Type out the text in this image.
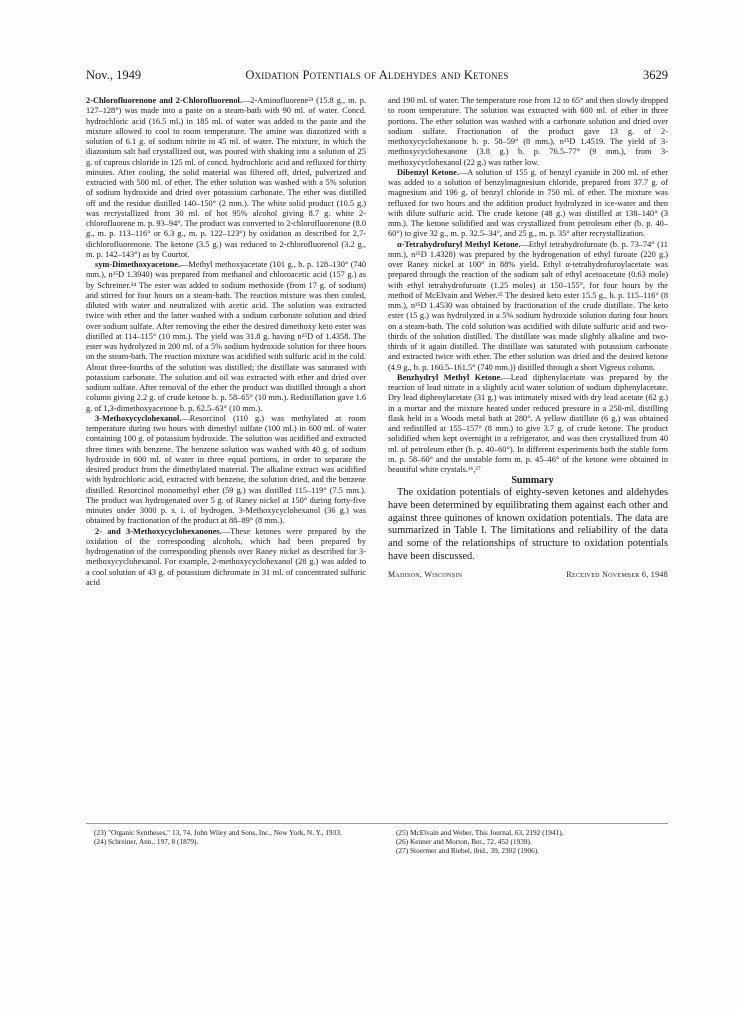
Nov., 1949	Oxidation Potentials of Aldehydes and Ketones	3629

2-Chlorofluorenone and 2-Chlorofluorenol.—2-Aminofluorene²³ (15.8 g., m. p. 127–128°) was made into a paste on a steam-bath with 90 ml. of water. Concd. hydrochloric acid (16.5 ml.) in 185 ml. of water was added to the paste and the mixture allowed to cool to room temperature. The amine was diazotized with a solution of 6.1 g. of sodium nitrite in 45 ml. of water. The mixture, in which the diazonium salt had crystallized out, was poured with shaking into a solution of 25 g. of cuprous chloride in 125 ml. of concd. hydrochloric acid and refluxed for thirty minutes. After cooling, the solid material was filtered off, dried, pulverized and extracted with 500 ml. of ether. The ether solution was washed with a 5% solution of sodium hydroxide and dried over potassium carbonate. The ether was distilled off and the residue distilled 140–150° (2 mm.). The white solid product (10.5 g.) was recrystallized from 30 ml. of hot 95% alcohol giving 8.7 g. white 2-chlorofluorene m. p. 93–94°. The product was converted to 2-chlorofluorenone (8.0 g., m. p. 113–116° or 6.3 g., m. p. 122–123°) by oxidation as described for 2,7-dichlorofluorenone. The ketone (3.5 g.) was reduced to 2-chlorofluorenol (3.2 g., m. p. 142–143°) as by Courtot.

sym-Dimethoxyacetone.—Methyl methoxyacetate (101 g., b. p. 128–130° (740 mm.), n²⁵D 1.3940) was prepared from methanol and chloroacetic acid (157 g.) as by Schreiner.²⁴ The ester was added to sodium methoxide (from 17 g. of sodium) and stirred for four hours on a steam-bath. The reaction mixture was then cooled, diluted with water and neutralized with acetic acid. The solution was extracted twice with ether and the latter washed with a sodium carbonate solution and dried over sodium sulfate. After removing the ether the desired dimethoxy keto ester was distilled at 114–115° (10 mm.). The yield was 31.8 g. having n²⁵D of 1.4358. The ester was hydrolyzed in 200 ml. of a 5% sodium hydroxide solution for three hours on the steam-bath. The reaction mixture was acidified with sulfuric acid in the cold. About three-fourths of the solution was distilled; the distillate was saturated with potassium carbonate. The solution and oil was extracted with ether and dried over sodium sulfate. After removal of the ether the product was distilled through a short column giving 2.2 g. of crude ketone b. p. 58–65° (10 mm.). Redistillation gave 1.6 g. of 1,3-dimethoxyacetone b. p. 62.5–63° (10 mm.).

3-Methoxycyclohexanol.—Resorcinol (110 g.) was methylated at room temperature during two hours with dimethyl sulfate (100 ml.) in 600 ml. of water containing 100 g. of potassium hydroxide. The solution was acidified and extracted three times with benzene. The benzene solution was washed with 40 g. of sodium hydroxide in 600 ml. of water in three equal portions, in order to separate the desired product from the dimethylated material. The alkaline extract was acidified with hydrochloric acid, extracted with benzene, the solution dried, and the benzene distilled. Resorcinol monomethyl ether (59 g.) was distilled 115–119° (7.5 mm.). The product was hydrogenated over 5 g. of Raney nickel at 150° during forty-five minutes under 3000 p. s. i. of hydrogen. 3-Methoxycyclohexanol (36 g.) was obtained by fractionation of the product at 88–89° (8 mm.).

2- and 3-Methoxycyclohexanones.—These ketones were prepared by the oxidation of the corresponding alcohols, which had been prepared by hydrogenation of the corresponding phenols over Raney nickel as described for 3-methoxycyclohexanol. For example, 2-methoxycyclohexanol (28 g.) was added to a cool solution of 43 g. of potassium dichromate in 31 ml. of concentrated sulfuric acid

and 190 ml. of water. The temperature rose from 12 to 65° and then slowly dropped to room temperature. The solution was extracted with 600 ml. of ether in three portions. The ether solution was washed with a carbonate solution and dried over sodium sulfate. Fractionation of the product gave 13 g. of 2-methoxycyclohexanone b. p. 58–59° (8 mm.), n²⁵D 1.4519. The yield of 3-methoxycyclohexanone (3.8 g.) b. p. 76.5–77° (9 mm.), from 3-methoxycyclohexanol (22 g.) was rather low.

Dibenzyl Ketone.—A solution of 155 g. of benzyl cyanide in 200 ml. of ether was added to a solution of benzylmagnesium chloride, prepared from 37.7 g. of magnesium and 196 g. of benzyl chloride in 750 ml. of ether. The mixture was refluxed for two hours and the addition product hydrolyzed in ice-water and then with dilute sulfuric acid. The crude ketone (48 g.) was distilled at 138–140° (3 mm.). The ketone solidified and was crystallized from petroleum ether (b. p. 40–60°) to give 32 g., m. p. 32.5–34°, and 25 g., m. p. 35° after recrystallization.

α-Tetrahydrofuryl Methyl Ketone.—Ethyl tetrahydrofuroate (b. p. 73–74° (11 mm.), n²⁵D 1.4328) was prepared by the hydrogenation of ethyl furoate (220 g.) over Raney nickel at 100° in 88% yield. Ethyl α-tetrahydrofuroylacetate was prepared through the reaction of the sodium salt of ethyl acetoacetate (0.63 mole) with ethyl tetrahydrofuroate (1.25 moles) at 150–155°, for four hours by the method of McElvain and Weber.²⁵ The desired keto ester 15.5 g., b. p. 115–116° (8 mm.), n²⁵D 1.4530 was obtained by fractionation of the crude distillate. The keto ester (15 g.) was hydrolyzed in a 5% sodium hydroxide solution during four hours on a steam-bath. The cold solution was acidified with dilute sulfuric acid and two-thirds of the solution distilled. The distillate was made slightly alkaline and two-thirds of it again distilled. The distillate was saturated with potassium carbonate and extracted twice with ether. The ether solution was dried and the desired ketone (4.9 g., b. p. 160.5–161.5° (740 mm.)) distilled through a short Vigreux column.

Benzhydryl Methyl Ketone.—Lead diphenylacetate was prepared by the reaction of lead nitrate in a slightly acid water solution of sodium diphenylacetate. Dry lead diphenylacetate (31 g.) was intimately mixed with dry lead acetate (62 g.) in a mortar and the mixture heated under reduced pressure in a 250-ml. distilling flask held in a Woods metal bath at 280°. A yellow distillate (6 g.) was obtained and redistilled at 155–157° (8 mm.) to give 3.7 g. of crude ketone. The product solidified when kept overnight in a refrigerator, and was then crystallized from 40 ml. of petroleum ether (b. p. 40–60°). In different experiments both the stable form m. p. 58–60° and the unstable form m. p. 45–46° of the ketone were obtained in beautiful white crystals.²⁶,²⁷

Summary

The oxidation potentials of eighty-seven ketones and aldehydes have been determined by equilibrating them against each other and against three quinones of known oxidation potentials. The data are summarized in Table I. The limitations and reliability of the data and some of the relationships of structure to oxidation potentials have been discussed.

Madison, Wisconsin	Received November 6, 1948
(23) "Organic Syntheses," 13, 74, John Wiley and Sons, Inc., New York, N. Y., 1933.
(24) Schreiner, Ann., 197, 8 (1879).
(25) McElvain and Weber, This Journal, 63, 2192 (1941).
(26) Kenner and Morton, Ber., 72, 452 (1939).
(27) Stoermer and Riebel, ibid., 39, 2302 (1906).
